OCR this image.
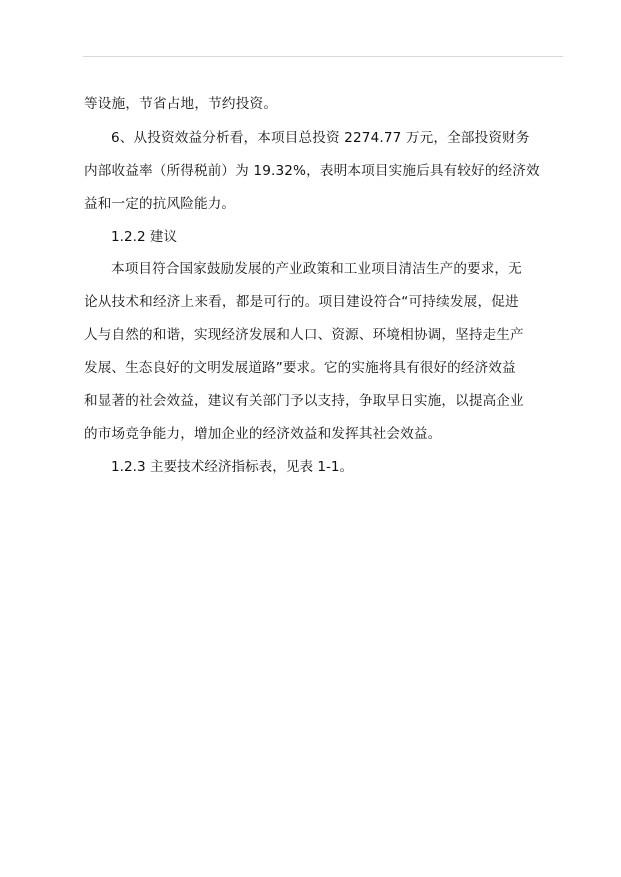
等设施，节省占地，节约投资。
6、从投资效益分析看，本项目总投资 2274.77 万元，全部投资财务
内部收益率（所得税前）为 19.32%，表明本项目实施后具有较好的经济效
益和一定的抗风险能力。
1.2.2 建议
本项目符合国家鼓励发展的产业政策和工业项目清洁生产的要求，无
论从技术和经济上来看，都是可行的。项目建设符合“可持续发展，促进
人与自然的和谐，实现经济发展和人口、资源、环境相协调，坚持走生产
发展、生态良好的文明发展道路”要求。它的实施将具有很好的经济效益
和显著的社会效益，建议有关部门予以支持，争取早日实施，以提高企业
的市场竞争能力，增加企业的经济效益和发挥其社会效益。
1.2.3 主要技术经济指标表，见表 1-1。
